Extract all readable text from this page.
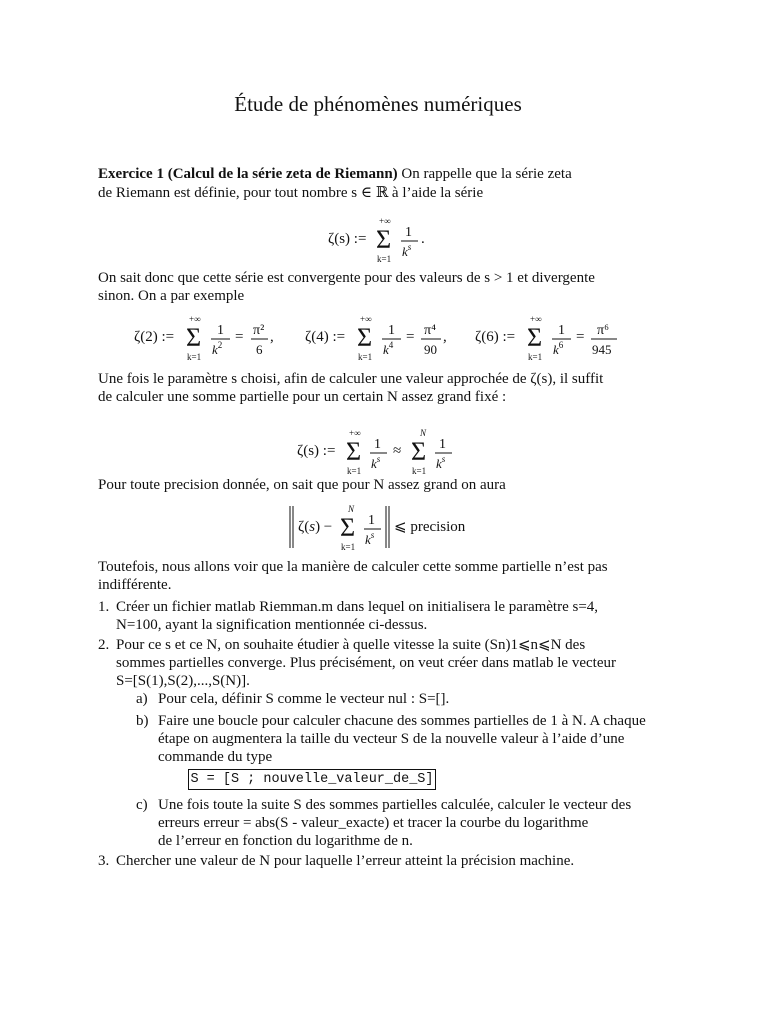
Étude de phénomènes numériques
Exercice 1 (Calcul de la série zeta de Riemann) On rappelle que la série zeta
de Riemann est définie, pour tout nombre s ∈ ℝ à l’aide la série
ζ(s) :=
+∞
Σ
k=1
1
$k^s$ .
On sait donc que cette série est convergente pour des valeurs de s > 1 et divergente
sinon. On a par exemple
ζ(2) :=
+∞
Σ
k=1
1
$k^2 = \pi^2$
6
, ζ(4) :=
+∞
Σ
k=1
1
$k^4 = \pi^4$
90
, ζ(6) :=
+∞
Σ
k=1
1
$k^6 = \pi^6$
945
Une fois le paramètre s choisi, afin de calculer une valeur approchée de ζ(s), il suffit
de calculer une somme partielle pour un certain N assez grand fixé :
ζ(s) :=
+∞
Σ
k=1
1
$k^s$ ≈
N
Σ
k=1
1
$k^s$
Pour toute precision donnée, on sait que pour N assez grand on aura
ζ(s) −
N
Σ
k=1
1
$k^s$ ⩽ precision
Toutefois, nous allons voir que la manière de calculer cette somme partielle n’est pas
indifférente.
1. Créer un fichier matlab Riemman.m dans lequel on initialisera le paramètre s=4,
N=100, ayant la signification mentionnée ci-dessus.
2. Pour ce s et ce N, on souhaite étudier à quelle vitesse la suite (Sn)1⩽n⩽N des
sommes partielles converge. Plus précisément, on veut créer dans matlab le vecteur
S=[S(1),S(2),...,S(N)].
a) Pour cela, définir S comme le vecteur nul : S=[].
b) Faire une boucle pour calculer chacune des sommes partielles de 1 à N. A chaque
étape on augmentera la taille du vecteur S de la nouvelle valeur à l’aide d’une
commande du type
S = [S ; nouvelle_valeur_de_S]
c) Une fois toute la suite S des sommes partielles calculée, calculer le vecteur des
erreurs erreur = abs(S - valeur_exacte) et tracer la courbe du logarithme
de l’erreur en fonction du logarithme de n.
3. Chercher une valeur de N pour laquelle l’erreur atteint la précision machine.
